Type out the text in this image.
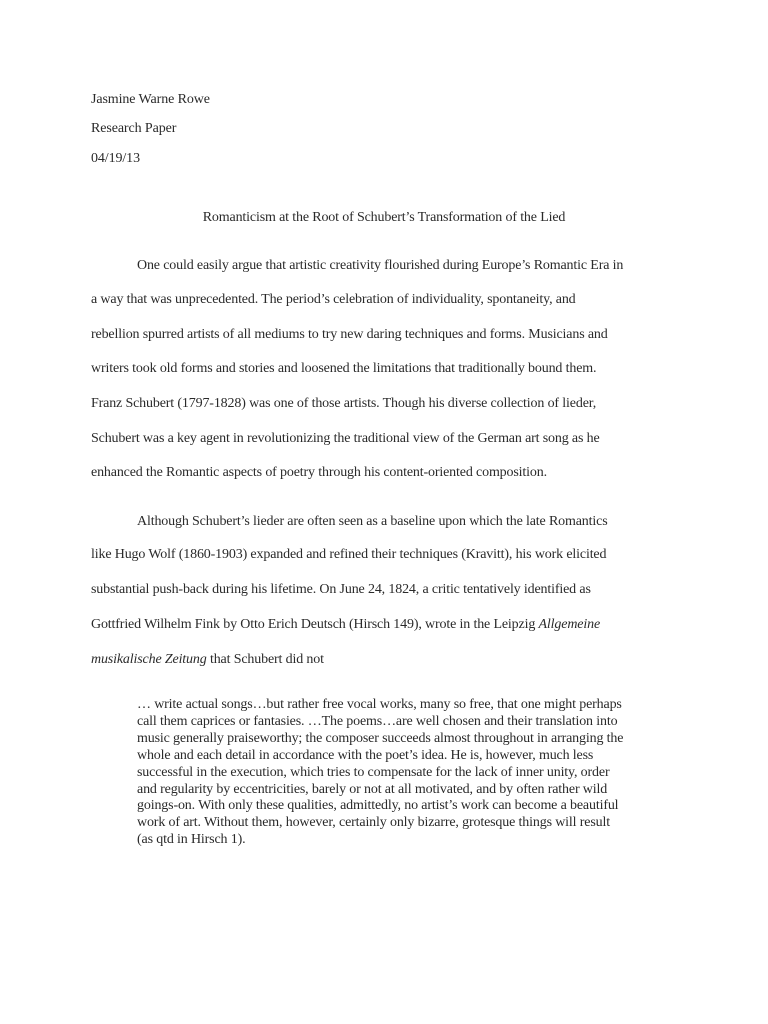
Jasmine Warne Rowe
Research Paper
04/19/13
Romanticism at the Root of Schubert’s Transformation of the Lied
One could easily argue that artistic creativity flourished during Europe’s Romantic Era in
a way that was unprecedented. The period’s celebration of individuality, spontaneity, and
rebellion spurred artists of all mediums to try new daring techniques and forms. Musicians and
writers took old forms and stories and loosened the limitations that traditionally bound them.
Franz Schubert (1797-1828) was one of those artists. Though his diverse collection of lieder,
Schubert was a key agent in revolutionizing the traditional view of the German art song as he
enhanced the Romantic aspects of poetry through his content-oriented composition.
Although Schubert’s lieder are often seen as a baseline upon which the late Romantics
like Hugo Wolf (1860-1903) expanded and refined their techniques (Kravitt), his work elicited
substantial push-back during his lifetime. On June 24, 1824, a critic tentatively identified as
Gottfried Wilhelm Fink by Otto Erich Deutsch (Hirsch 149), wrote in the Leipzig Allgemeine
musikalische Zeitung that Schubert did not
… write actual songs…but rather free vocal works, many so free, that one might perhaps
call them caprices or fantasies. …The poems…are well chosen and their translation into
music generally praiseworthy; the composer succeeds almost throughout in arranging the
whole and each detail in accordance with the poet’s idea. He is, however, much less
successful in the execution, which tries to compensate for the lack of inner unity, order
and regularity by eccentricities, barely or not at all motivated, and by often rather wild
goings-on. With only these qualities, admittedly, no artist’s work can become a beautiful
work of art. Without them, however, certainly only bizarre, grotesque things will result
(as qtd in Hirsch 1).
